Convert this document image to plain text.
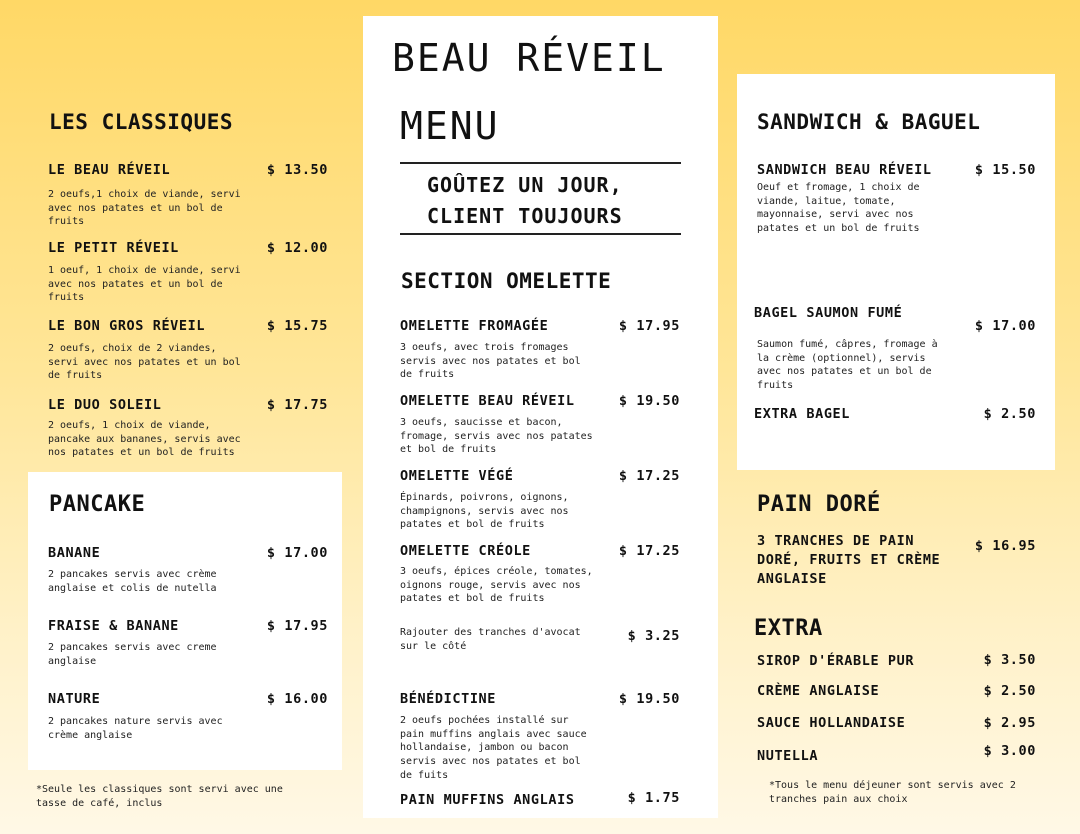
LES CLASSIQUES
LE BEAU RÉVEIL	$ 13.50
2 oeufs,1 choix de viande, servi
avec nos patates et un bol de
fruits
LE PETIT RÉVEIL	$ 12.00
1 oeuf, 1 choix de viande, servi
avec nos patates et un bol de
fruits
LE BON GROS RÉVEIL	$ 15.75
2 oeufs, choix de 2 viandes,
servi avec nos patates et un bol
de fruits
LE DUO SOLEIL	$ 17.75
2 oeufs, 1 choix de viande,
pancake aux bananes, servis avec
nos patates et un bol de fruits
PANCAKE
BANANE	$ 17.00
2 pancakes servis avec crème
anglaise et colis de nutella
FRAISE & BANANE	$ 17.95
2 pancakes servis avec creme
anglaise
NATURE	$ 16.00
2 pancakes nature servis avec
crème anglaise
*Seule les classiques sont servi avec une
tasse de café, inclus
BEAU RÉVEIL
MENU
GOÛTEZ UN JOUR,
CLIENT TOUJOURS
SECTION OMELETTE
OMELETTE FROMAGÉE	$ 17.95
3 oeufs, avec trois fromages
servis avec nos patates et bol
de fruits
OMELETTE BEAU RÉVEIL	$ 19.50
3 oeufs, saucisse et bacon,
fromage, servis avec nos patates
et bol de fruits
OMELETTE VÉGÉ	$ 17.25
Épinards, poivrons, oignons,
champignons, servis avec nos
patates et bol de fruits
OMELETTE CRÉOLE	$ 17.25
3 oeufs, épices créole, tomates,
oignons rouge, servis avec nos
patates et bol de fruits
Rajouter des tranches d'avocat
sur le côté
$ 3.25
BÉNÉDICTINE	$ 19.50
2 oeufs pochées installé sur
pain muffins anglais avec sauce
hollandaise, jambon ou bacon
servis avec nos patates et bol
de fuits
PAIN MUFFINS ANGLAIS	$ 1.75
SANDWICH & BAGUEL
SANDWICH BEAU RÉVEIL	$ 15.50
Oeuf et fromage, 1 choix de
viande, laitue, tomate,
mayonnaise, servi avec nos
patates et un bol de fruits
BAGEL SAUMON FUMÉ
$ 17.00
Saumon fumé, câpres, fromage à
la crème (optionnel), servis
avec nos patates et un bol de
fruits
EXTRA BAGEL	$ 2.50
PAIN DORÉ
3 TRANCHES DE PAIN
DORÉ, FRUITS ET CRÈME
ANGLAISE
$ 16.95
EXTRA
SIROP D'ÉRABLE PUR	$ 3.50
CRÈME ANGLAISE	$ 2.50
SAUCE HOLLANDAISE	$ 2.95
NUTELLA	$ 3.00
*Tous le menu déjeuner sont servis avec 2
tranches pain aux choix
